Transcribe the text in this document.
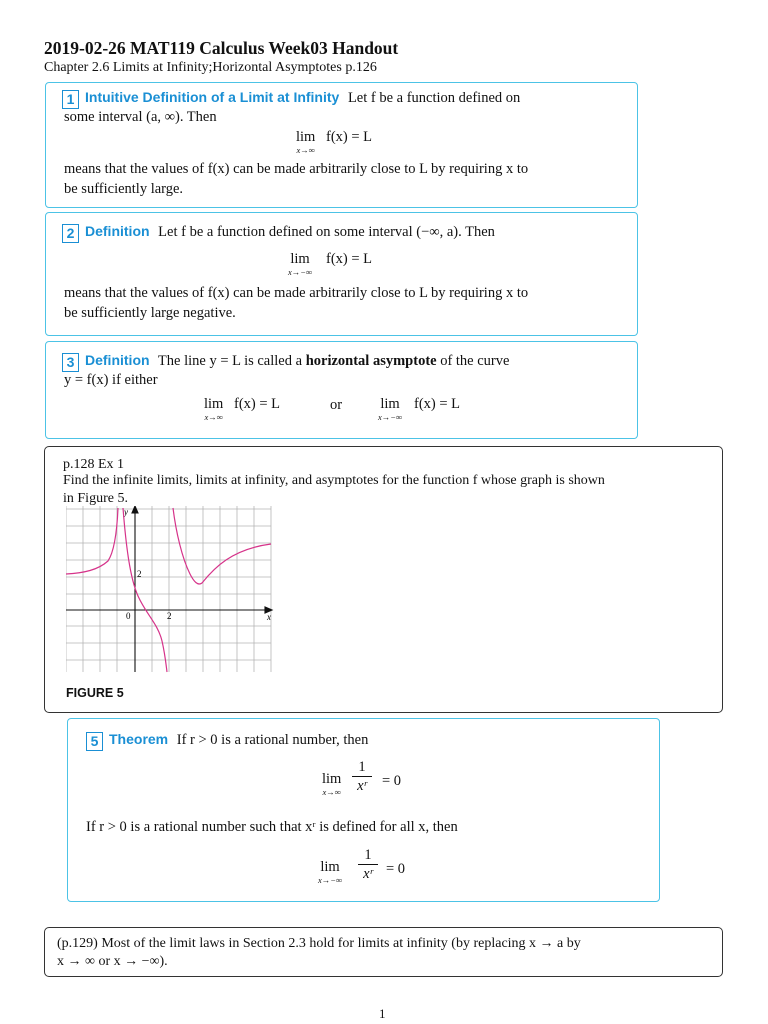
2019-02-26 MAT119 Calculus Week03 Handout
Chapter 2.6 Limits at Infinity;Horizontal Asymptotes p.126
1 Intuitive Definition of a Limit at Infinity Let f be a function defined on
some interval (a, ∞). Then
lim
x→∞
f(x) = L
means that the values of f(x) can be made arbitrarily close to L by requiring x to
be sufficiently large.
2 Definition Let f be a function defined on some interval (−∞, a). Then
lim
x→−∞
f(x) = L
means that the values of f(x) can be made arbitrarily close to L by requiring x to
be sufficiently large negative.
3 Definition The line y = L is called a horizontal asymptote of the curve
y = f(x) if either
lim
x→∞
f(x) = L	or	lim
x→−∞
f(x) = L
p.128 Ex 1
Find the infinite limits, limits at infinity, and asymptotes for the function f whose graph is shown
in Figure 5.
y
x
2
0	2
FIGURE 5
5 Theorem If r > 0 is a rational number, then
lim
x→∞
1
xʳ	= 0
If r > 0 is a rational number such that xʳ is defined for all x, then
lim
x→−∞
1
xʳ = 0
(p.129) Most of the limit laws in Section 2.3 hold for limits at infinity (by replacing x → a by
x → ∞ or x → −∞).
1
